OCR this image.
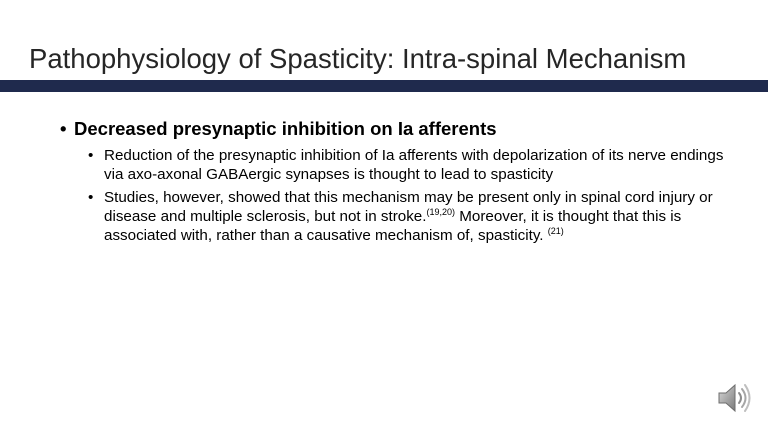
Pathophysiology of Spasticity: Intra-spinal Mechanism
• Decreased presynaptic inhibition on Ia afferents
• Reduction of the presynaptic inhibition of Ia afferents with depolarization of its nerve endings via axo-axonal GABAergic synapses is thought to lead to spasticity
• Studies, however, showed that this mechanism may be present only in spinal cord injury or disease and multiple sclerosis, but not in stroke.$^{(19,20)}$ Moreover, it is thought that this is associated with, rather than a causative mechanism of, spasticity. $^{(21)}$
